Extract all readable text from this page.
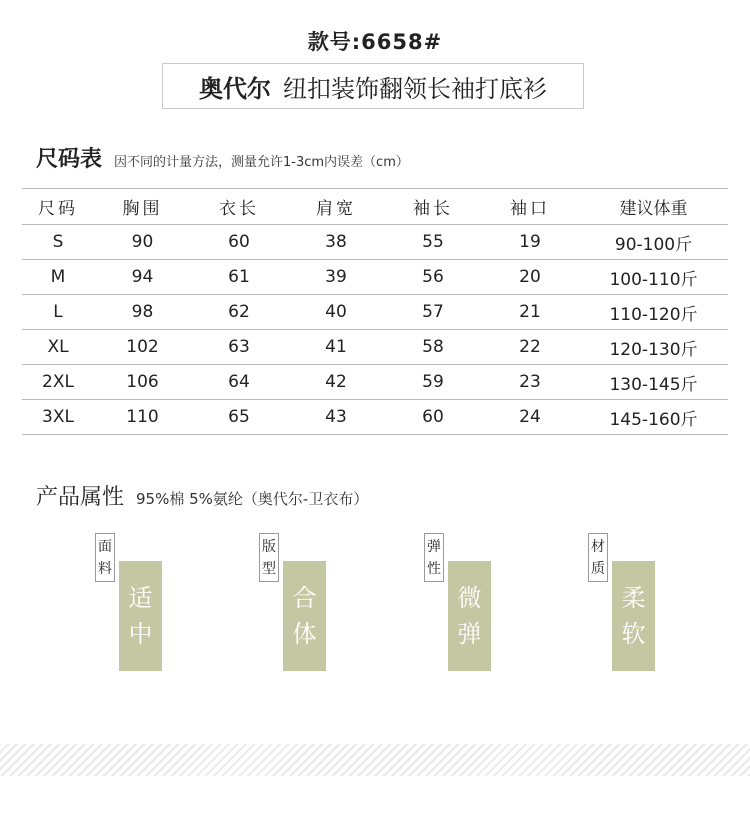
款号:6658#
奥代尔 纽扣装饰翻领长袖打底衫
尺码表 因不同的计量方法，测量允许1-3cm内误差（cm）
尺码	胸围	衣长	肩宽	袖长	袖口	建议体重
S	90	60	38	55	19	90-100斤
M	94	61	39	56	20	100-110斤
L	98	62	40	57	21	110-120斤
XL	102	63	41	58	22	120-130斤
2XL	106	64	42	59	23	130-145斤
3XL	110	65	43	60	24	145-160斤
产品属性 95%棉 5%氨纶（奥代尔-卫衣布）
面
料
适
中
版
型
合
体
弹
性
微
弹
材
质
柔
软
